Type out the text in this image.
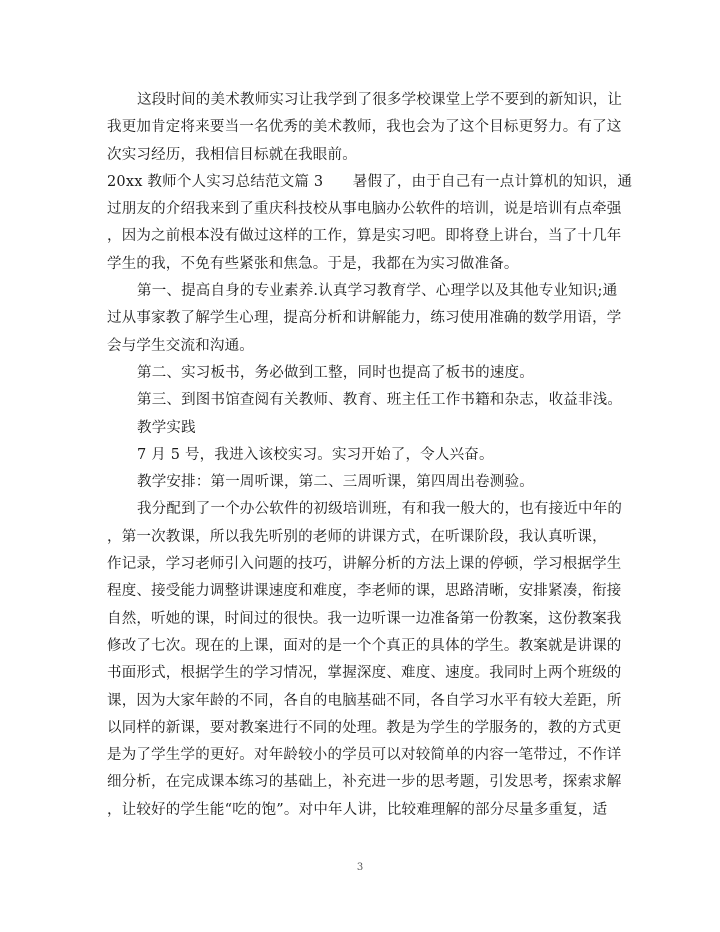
这段时间的美术教师实习让我学到了很多学校课堂上学不要到的新知识，让
我更加肯定将来要当一名优秀的美术教师，我也会为了这个目标更努力。有了这
次实习经历，我相信目标就在我眼前。
20xx 教师个人实习总结范文篇 3　　暑假了，由于自己有一点计算机的知识，通
过朋友的介绍我来到了重庆科技校从事电脑办公软件的培训，说是培训有点牵强
，因为之前根本没有做过这样的工作，算是实习吧。即将登上讲台，当了十几年
学生的我，不免有些紧张和焦急。于是，我都在为实习做准备。
第一、提高自身的专业素养.认真学习教育学、心理学以及其他专业知识;通
过从事家教了解学生心理，提高分析和讲解能力，练习使用准确的数学用语，学
会与学生交流和沟通。
第二、实习板书，务必做到工整，同时也提高了板书的速度。
第三、到图书馆查阅有关教师、教育、班主任工作书籍和杂志，收益非浅。
教学实践
7 月 5 号，我进入该校实习。实习开始了，令人兴奋。
教学安排：第一周听课，第二、三周听课，第四周出卷测验。
我分配到了一个办公软件的初级培训班，有和我一般大的，也有接近中年的
，第一次教课，所以我先听别的老师的讲课方式，在听课阶段，我认真听课，
作记录，学习老师引入问题的技巧，讲解分析的方法上课的停顿，学习根据学生
程度、接受能力调整讲课速度和难度，李老师的课，思路清晰，安排紧凑，衔接
自然，听她的课，时间过的很快。我一边听课一边准备第一份教案，这份教案我
修改了七次。现在的上课，面对的是一个个真正的具体的学生。教案就是讲课的
书面形式，根据学生的学习情况，掌握深度、难度、速度。我同时上两个班级的
课，因为大家年龄的不同，各自的电脑基础不同，各自学习水平有较大差距，所
以同样的新课，要对教案进行不同的处理。教是为学生的学服务的，教的方式更
是为了学生学的更好。对年龄较小的学员可以对较简单的内容一笔带过，不作详
细分析，在完成课本练习的基础上，补充进一步的思考题，引发思考，探索求解
，让较好的学生能“吃的饱”。对中年人讲，比较难理解的部分尽量多重复，适
3
